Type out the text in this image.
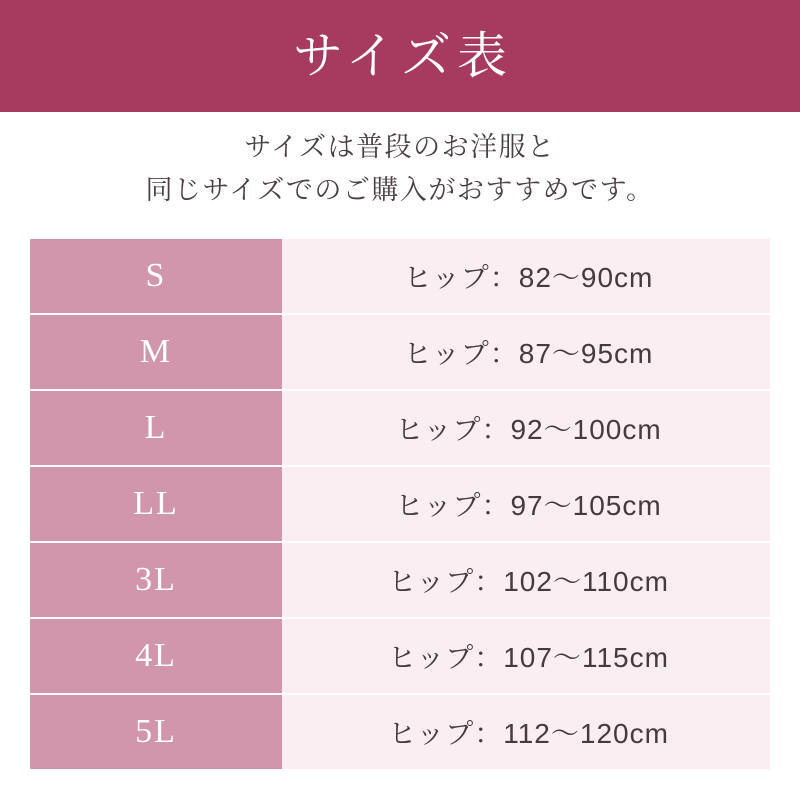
サイズ表
サイズは普段のお洋服と
同じサイズでのご購入がおすすめです。
S	ヒップ：82〜90cm
M	ヒップ：87〜95cm
L	ヒップ：92〜100cm
LL	ヒップ：97〜105cm
3L	ヒップ：102〜110cm
4L	ヒップ：107〜115cm
5L	ヒップ：112〜120cm
